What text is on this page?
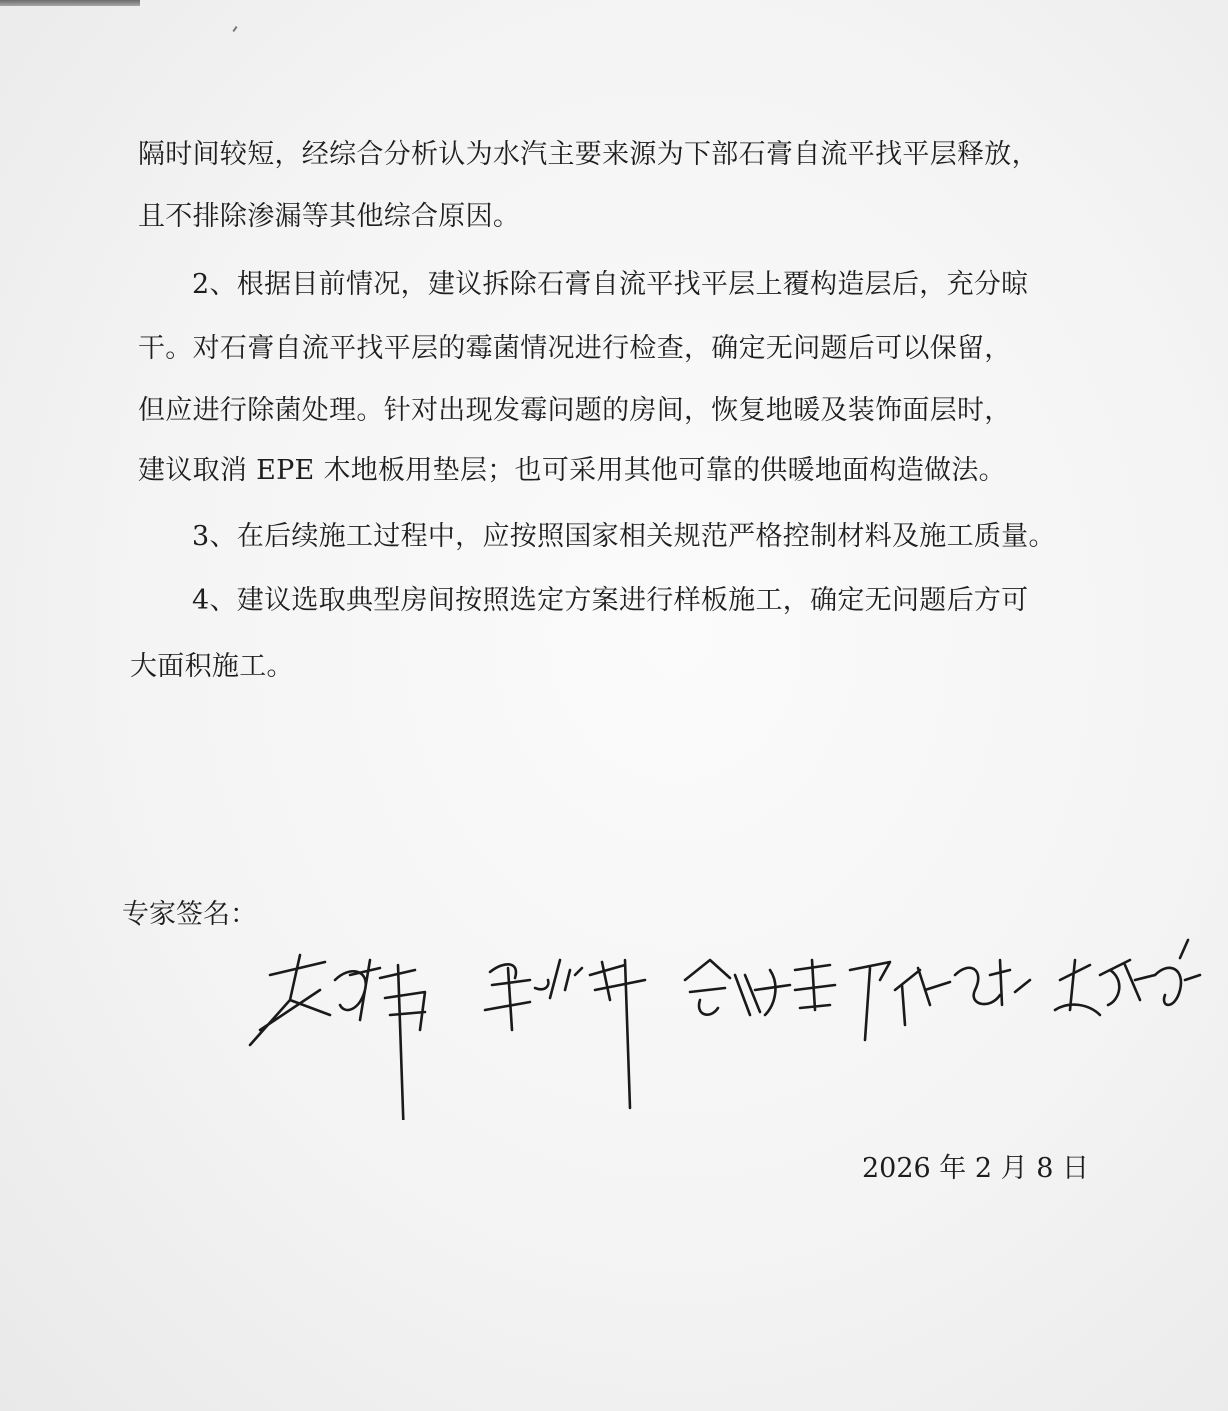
隔时间较短，经综合分析认为水汽主要来源为下部石膏自流平找平层释放，

且不排除渗漏等其他综合原因。

2、根据目前情况，建议拆除石膏自流平找平层上覆构造层后，充分晾

干。对石膏自流平找平层的霉菌情况进行检查，确定无问题后可以保留，

但应进行除菌处理。针对出现发霉问题的房间，恢复地暖及装饰面层时，

建议取消 EPE 木地板用垫层；也可采用其他可靠的供暖地面构造做法。

3、在后续施工过程中，应按照国家相关规范严格控制材料及施工质量。

4、建议选取典型房间按照选定方案进行样板施工，确定无问题后方可

大面积施工。

专家签名：

2026 年 2 月 8 日
